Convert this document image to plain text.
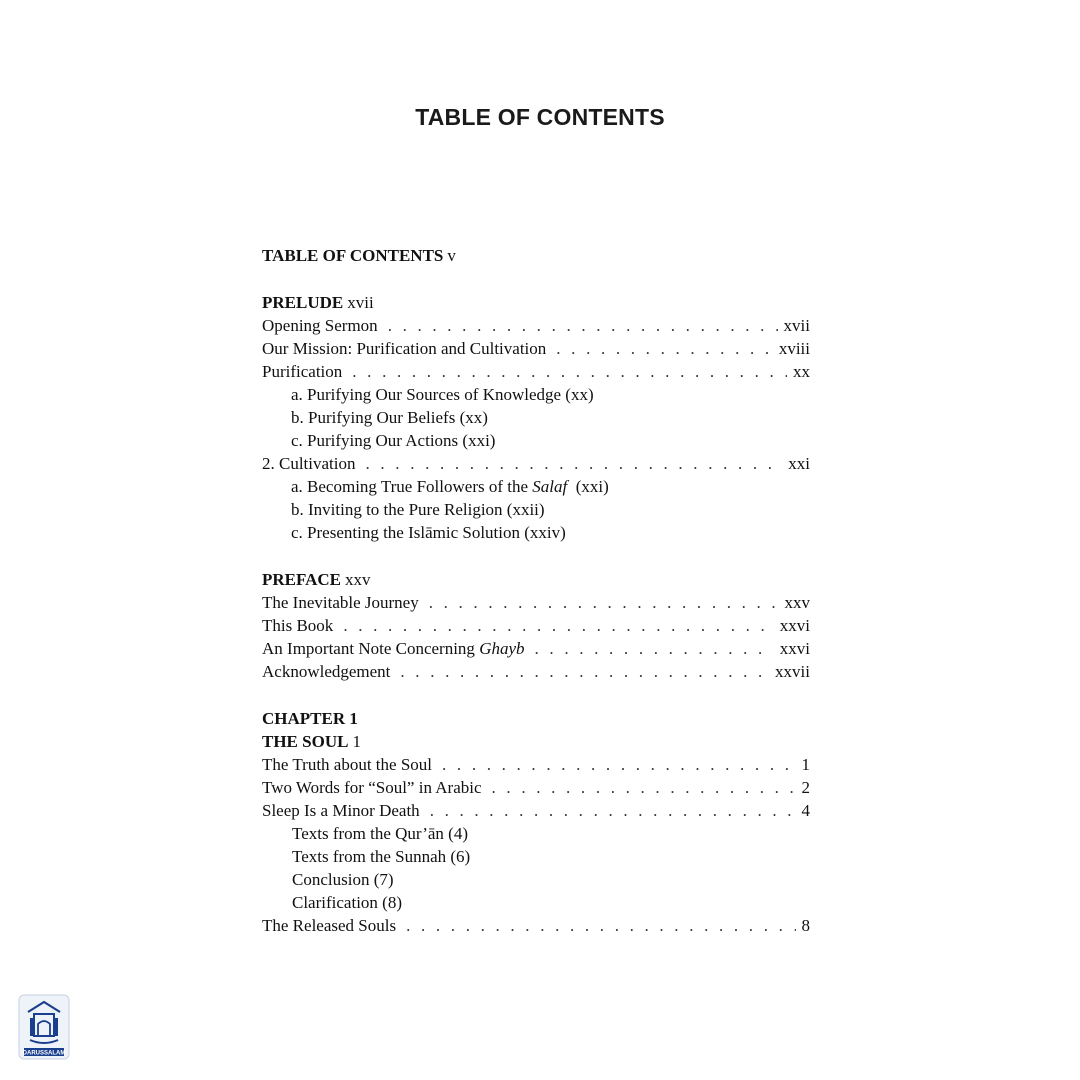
TABLE OF CONTENTS
TABLE OF CONTENTS v
PRELUDE xvii
Opening Sermon . . .	xvii
Our Mission: Purification and Cultivation . . .	xviii
Purification . . .	xx
a. Purifying Our Sources of Knowledge (xx)
b. Purifying Our Beliefs (xx)
c. Purifying Our Actions (xxi)
2. Cultivation . . .	xxi
a. Becoming True Followers of the Salaf  (xxi)
b. Inviting to the Pure Religion (xxii)
c. Presenting the Islāmic Solution (xxiv)
PREFACE xxv
The Inevitable Journey . . .	xxv
This Book . . .	xxvi
An Important Note Concerning Ghayb . . .	xxvi
Acknowledgement . . .	xxvii
CHAPTER 1
THE SOUL 1
The Truth about the Soul . . .	1
Two Words for “Soul” in Arabic . . .	2
Sleep Is a Minor Death . . .	4
Texts from the Qur’ān (4)
Texts from the Sunnah (6)
Conclusion (7)
Clarification (8)
The Released Souls . . .	8
DARUSSALAM
